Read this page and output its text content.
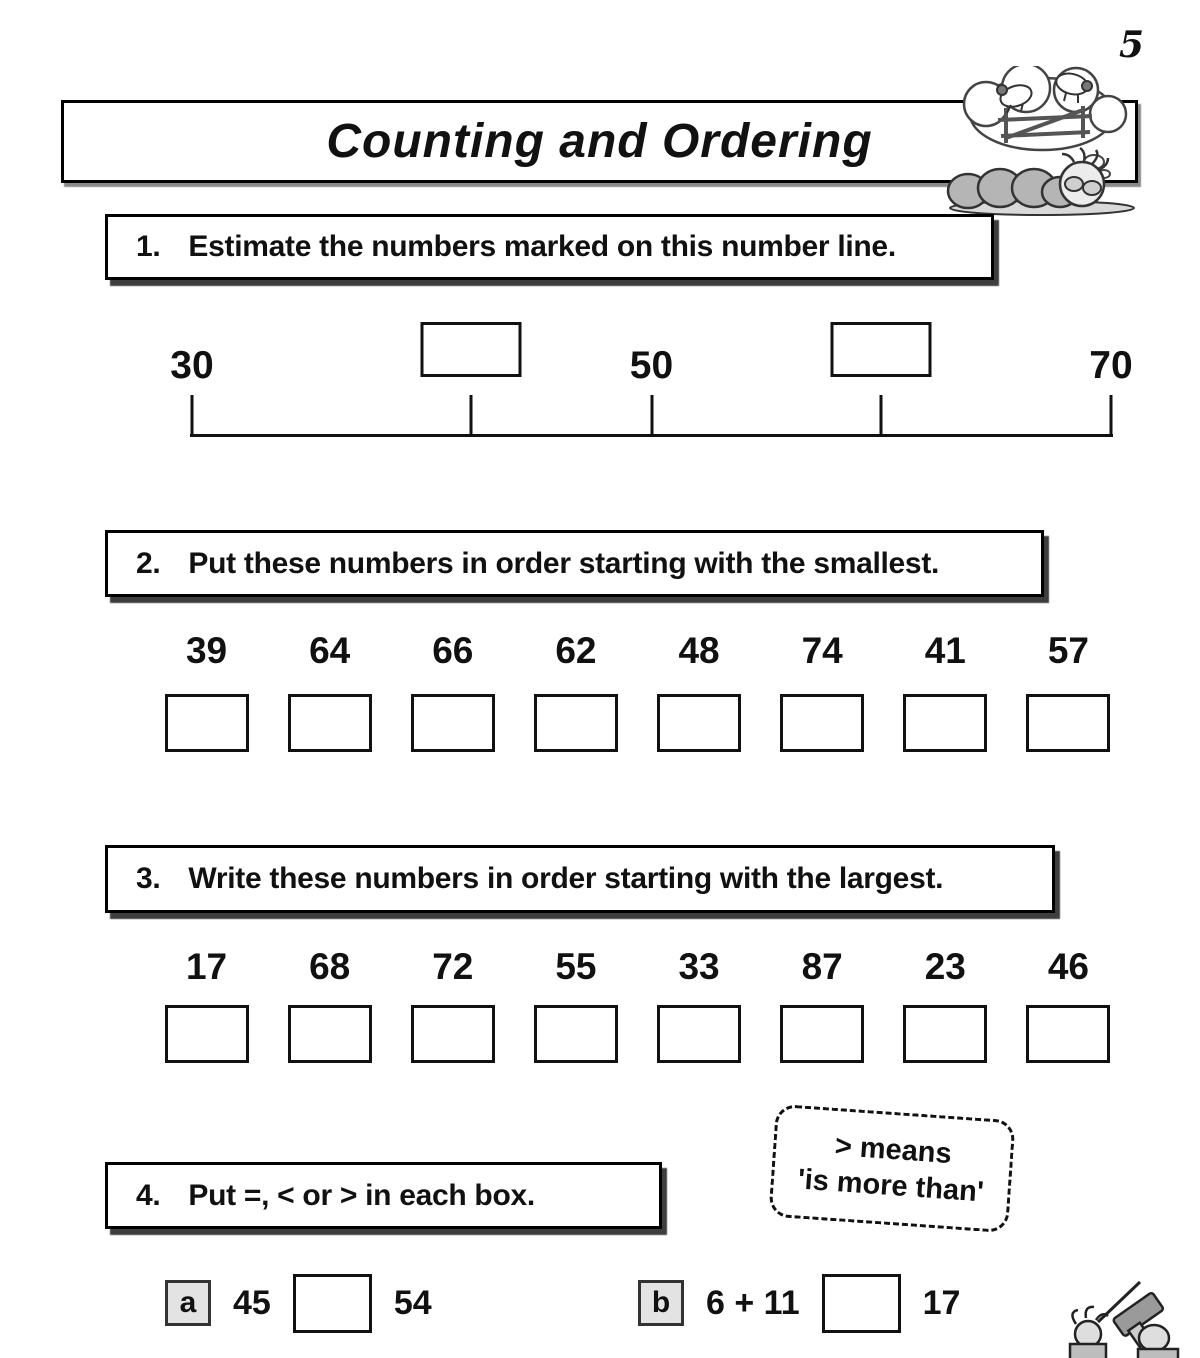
5
Counting and Ordering
1. Estimate the numbers marked on this number line.
30	50	70
2. Put these numbers in order starting with the smallest.
39 64 66 62 48 74 41 57
3. Write these numbers in order starting with the largest.
17 68 72 55 33 87 23 46
4. Put =, < or > in each box.
> means
'is more than'
a	45	54	b	6 + 11	17
